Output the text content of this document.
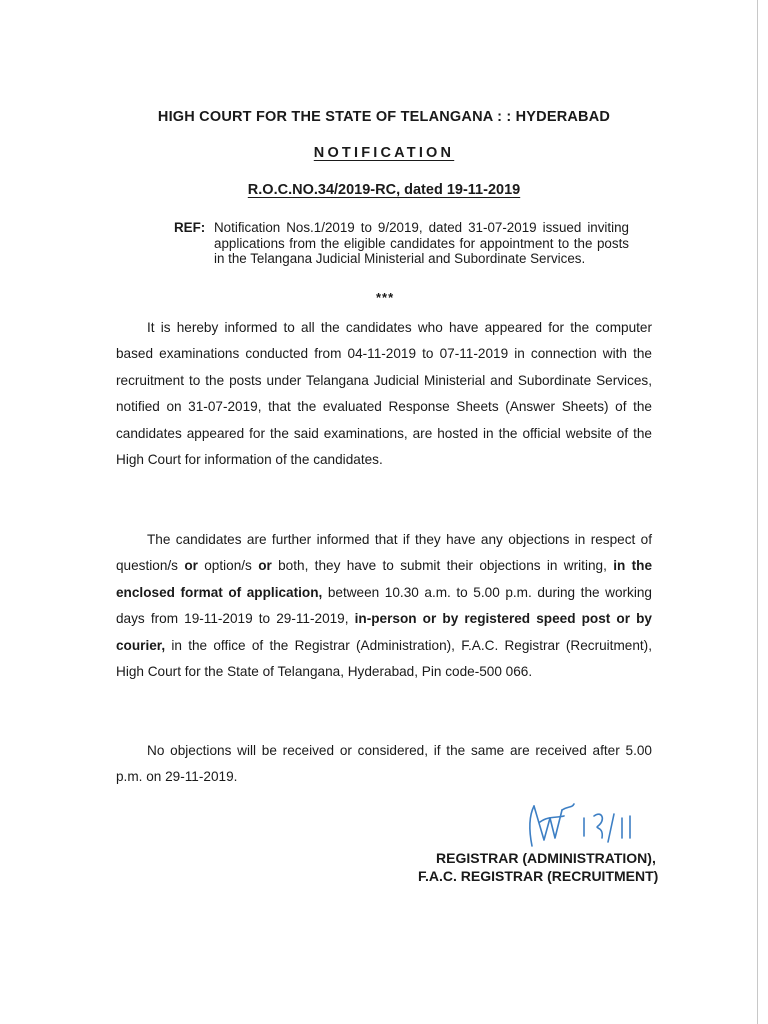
HIGH COURT FOR THE STATE OF TELANGANA : : HYDERABAD
NOTIFICATION
R.O.C.NO.34/2019-RC, dated 19-11-2019
REF: Notification Nos.1/2019 to 9/2019, dated 31-07-2019 issued inviting applications from the eligible candidates for appointment to the posts in the Telangana Judicial Ministerial and Subordinate Services.
***
It is hereby informed to all the candidates who have appeared for the computer based examinations conducted from 04-11-2019 to 07-11-2019 in connection with the recruitment to the posts under Telangana Judicial Ministerial and Subordinate Services, notified on 31-07-2019, that the evaluated Response Sheets (Answer Sheets) of the candidates appeared for the said examinations, are hosted in the official website of the High Court for information of the candidates.
The candidates are further informed that if they have any objections in respect of question/s or option/s or both, they have to submit their objections in writing, in the enclosed format of application, between 10.30 a.m. to 5.00 p.m. during the working days from 19-11-2019 to 29-11-2019, in-person or by registered speed post or by courier, in the office of the Registrar (Administration), F.A.C. Registrar (Recruitment), High Court for the State of Telangana, Hyderabad, Pin code-500 066.
No objections will be received or considered, if the same are received after 5.00 p.m. on 29-11-2019.
REGISTRAR (ADMINISTRATION),
F.A.C. REGISTRAR (RECRUITMENT)
